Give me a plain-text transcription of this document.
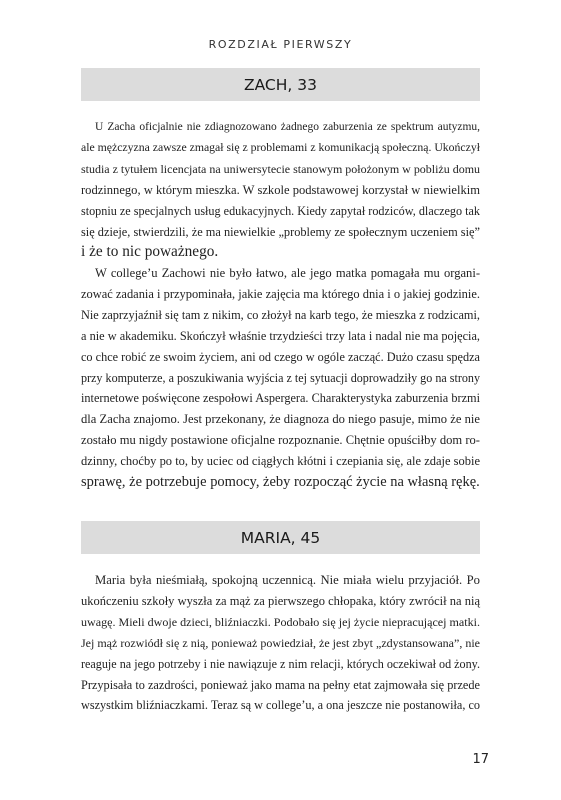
ROZDZIAŁ PIERWSZY
ZACH, 33

U Zacha oficjalnie nie zdiagnozowano żadnego zaburzenia ze spektrum autyzmu,
ale mężczyzna zawsze zmagał się z problemami z komunikacją społeczną. Ukończył
studia z tytułem licencjata na uniwersytecie stanowym położonym w pobliżu domu
rodzinnego, w którym mieszka. W szkole podstawowej korzystał w niewielkim
stopniu ze specjalnych usług edukacyjnych. Kiedy zapytał rodziców, dlaczego tak
się dzieje, stwierdzili, że ma niewielkie „problemy ze społecznym uczeniem się”
i że to nic poważnego.

W college’u Zachowi nie było łatwo, ale jego matka pomagała mu organi-
zować zadania i przypominała, jakie zajęcia ma którego dnia i o jakiej godzinie.
Nie zaprzyjaźnił się tam z nikim, co złożył na karb tego, że mieszka z rodzicami,
a nie w akademiku. Skończył właśnie trzydzieści trzy lata i nadal nie ma pojęcia,
co chce robić ze swoim życiem, ani od czego w ogóle zacząć. Dużo czasu spędza
przy komputerze, a poszukiwania wyjścia z tej sytuacji doprowadziły go na strony
internetowe poświęcone zespołowi Aspergera. Charakterystyka zaburzenia brzmi
dla Zacha znajomo. Jest przekonany, że diagnoza do niego pasuje, mimo że nie
zostało mu nigdy postawione oficjalne rozpoznanie. Chętnie opuściłby dom ro-
dzinny, choćby po to, by uciec od ciągłych kłótni i czepiania się, ale zdaje sobie
sprawę, że potrzebuje pomocy, żeby rozpocząć życie na własną rękę.

MARIA, 45

Maria była nieśmiałą, spokojną uczennicą. Nie miała wielu przyjaciół. Po
ukończeniu szkoły wyszła za mąż za pierwszego chłopaka, który zwrócił na nią
uwagę. Mieli dwoje dzieci, bliźniaczki. Podobało się jej życie niepracującej matki.
Jej mąż rozwiódł się z nią, ponieważ powiedział, że jest zbyt „zdystansowana”, nie
reaguje na jego potrzeby i nie nawiązuje z nim relacji, których oczekiwał od żony.
Przypisała to zazdrości, ponieważ jako mama na pełny etat zajmowała się przede
wszystkim bliźniaczkami. Teraz są w college’u, a ona jeszcze nie postanowiła, co

17
